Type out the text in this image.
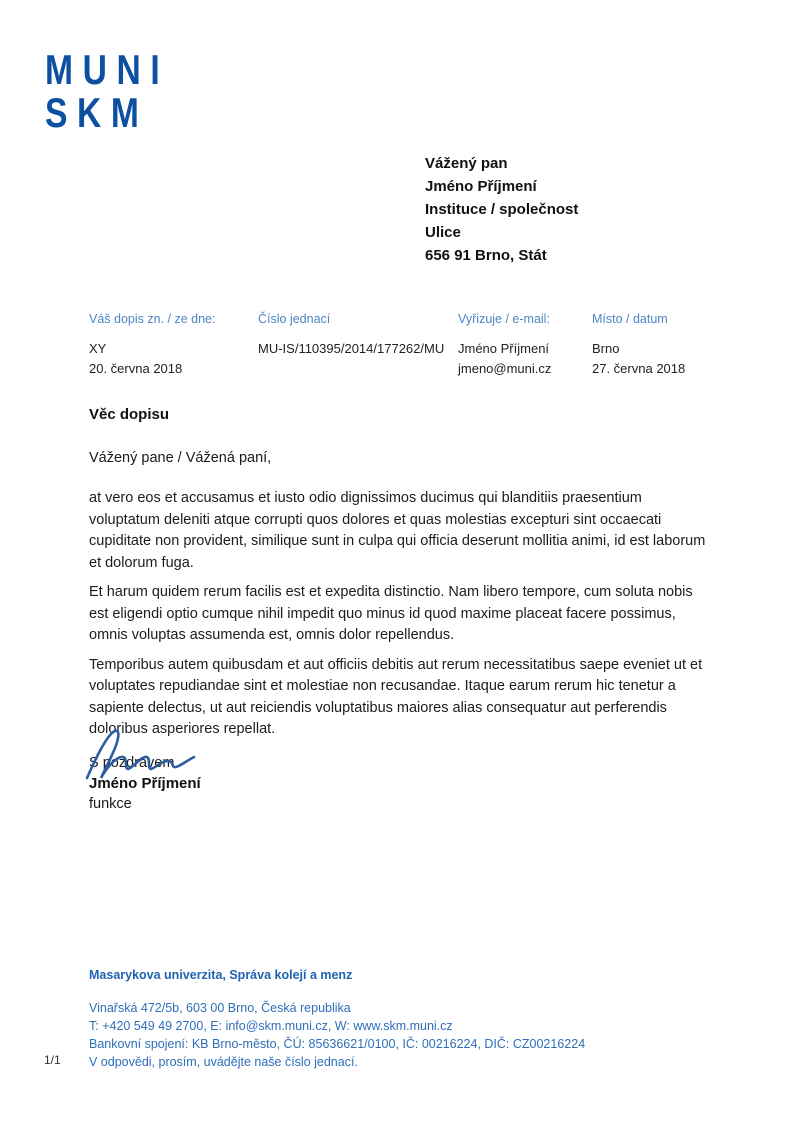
MUNI
SKM
Vážený pan
Jméno Příjmení
Instituce / společnost
Ulice
656 91 Brno, Stát
Váš dopis zn. / ze dne:
XY
20. června 2018
Číslo jednací
MU-IS/110395/2014/177262/MU
Vyřizuje / e-mail:
Jméno Příjmení
jmeno@muni.cz
Místo / datum
Brno
27. června 2018
Věc dopisu
Vážený pane / Vážená paní,

at vero eos et accusamus et iusto odio dignissimos ducimus qui blanditiis praesentium voluptatum deleniti atque corrupti quos dolores et quas molestias excepturi sint occaecati cupiditate non provident, similique sunt in culpa qui officia deserunt mollitia animi, id est laborum et dolorum fuga.

Et harum quidem rerum facilis est et expedita distinctio. Nam libero tempore, cum soluta nobis est eligendi optio cumque nihil impedit quo minus id quod maxime placeat facere possimus, omnis voluptas assumenda est, omnis dolor repellendus.

Temporibus autem quibusdam et aut officiis debitis aut rerum necessitatibus saepe eveniet ut et voluptates repudiandae sint et molestiae non recusandae. Itaque earum rerum hic tenetur a sapiente delectus, ut aut reiciendis voluptatibus maiores alias consequatur aut perferendis doloribus asperiores repellat.

S pozdravem
Jméno Příjmení
funkce
Masarykova univerzita, Správa kolejí a menz
Vinařská 472/5b, 603 00 Brno, Česká republika
T: +420 549 49 2700, E: info@skm.muni.cz, W: www.skm.muni.cz
Bankovní spojení: KB Brno-město, ČÚ: 85636621/0100, IČ: 00216224, DIČ: CZ00216224
V odpovědi, prosím, uvádějte naše číslo jednací.
1/1
